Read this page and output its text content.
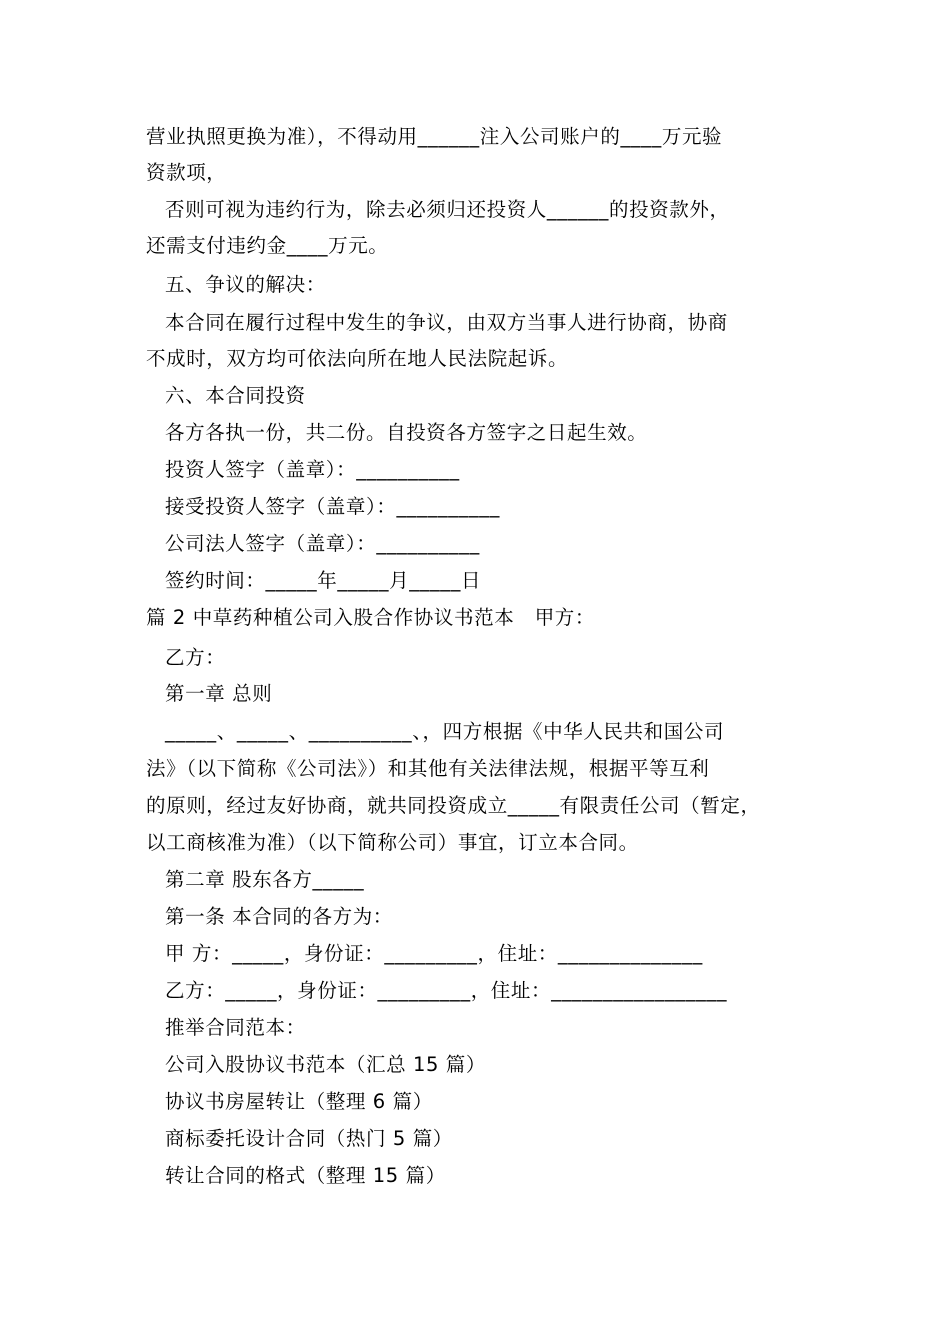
营业执照更换为准），不得动用______注入公司账户的____万元验
资款项，
否则可视为违约行为，除去必须归还投资人______的投资款外，
还需支付违约金____万元。
五、争议的解决：
本合同在履行过程中发生的争议，由双方当事人进行协商，协商
不成时，双方均可依法向所在地人民法院起诉。
六、本合同投资
各方各执一份，共二份。自投资各方签字之日起生效。
投资人签字（盖章）：__________
接受投资人签字（盖章）：__________
公司法人签字（盖章）：__________
签约时间：_____年_____月_____日
篇 2 中草药种植公司入股合作协议书范本   甲方：
乙方：
第一章 总则
_____、_____、__________、，四方根据《中华人民共和国公司
法》（以下简称《公司法》）和其他有关法律法规，根据平等互利
的原则，经过友好协商，就共同投资成立_____有限责任公司（暂定，
以工商核准为准）（以下简称公司）事宜，订立本合同。
第二章 股东各方_____
第一条 本合同的各方为：
甲 方：_____，身份证：_________，住址：______________
乙方：_____，身份证：_________，住址：_________________
推举合同范本：
公司入股协议书范本（汇总 15 篇）
协议书房屋转让（整理 6 篇）
商标委托设计合同（热门 5 篇）
转让合同的格式（整理 15 篇）
